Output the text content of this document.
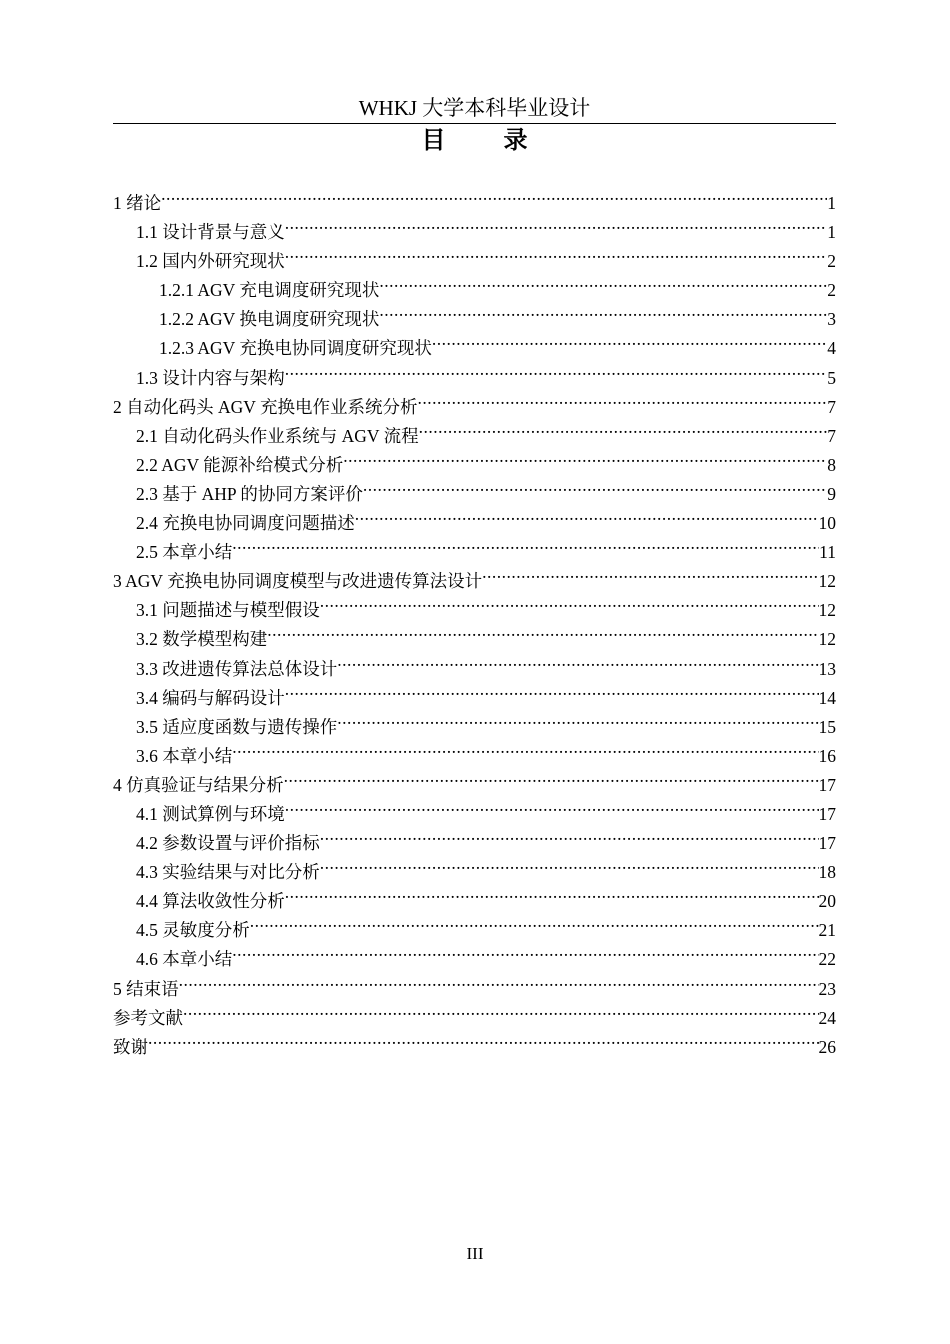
WHKJ 大学本科毕业设计
目 录
1 绪论 .....	1
1.1 设计背景与意义 .....	1
1.2 国内外研究现状 .....	2
1.2.1 AGV 充电调度研究现状 .....	2
1.2.2 AGV 换电调度研究现状 .....	3
1.2.3 AGV 充换电协同调度研究现状 .....	4
1.3 设计内容与架构 .....	5
2 自动化码头 AGV 充换电作业系统分析 .....	7
2.1 自动化码头作业系统与 AGV 流程 .....	7
2.2 AGV 能源补给模式分析 .....	8
2.3 基于 AHP 的协同方案评价 .....	9
2.4 充换电协同调度问题描述 .....	10
2.5 本章小结 .....	11
3 AGV 充换电协同调度模型与改进遗传算法设计 .....	12
3.1 问题描述与模型假设 .....	12
3.2 数学模型构建 .....	12
3.3 改进遗传算法总体设计 .....	13
3.4 编码与解码设计 .....	14
3.5 适应度函数与遗传操作 .....	15
3.6 本章小结 .....	16
4 仿真验证与结果分析 .....	17
4.1 测试算例与环境 .....	17
4.2 参数设置与评价指标 .....	17
4.3 实验结果与对比分析 .....	18
4.4 算法收敛性分析 .....	20
4.5 灵敏度分析 .....	21
4.6 本章小结 .....	22
5 结束语 .....	23
参考文献 .....	24
致谢 .....	26
III
